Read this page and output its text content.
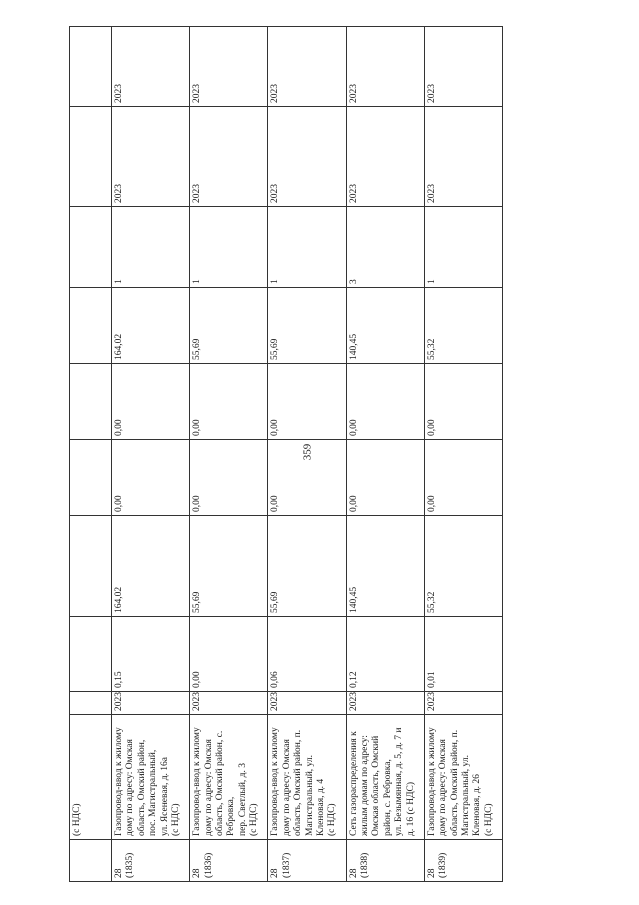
359
	(с НДС)									
28
(1835)	Газопровод-ввод к жилому дому по адресу: Омская область, Омский район,
пос. Магистральный,
ул. Ясеневая, д. 16а
(с НДС)	2023	0,15	164,02	0,00	0,00	164,02	1	2023	2023
28
(1836)	Газопровод-ввод к жилому дому по адресу: Омская область, Омский район, с. Ребровка,
пер. Светлый, д. 3
(с НДС)	2023	0,00	55,69	0,00	0,00	55,69	1	2023	2023
28
(1837)	Газопровод-ввод к жилому дому по адресу: Омская область, Омский район, п. Магистральный, ул. Кленовая, д. 4
(с НДС)	2023	0,06	55,69	0,00	0,00	55,69	1	2023	2023
28
(1838)	Сеть газораспределения к жилым домам по адресу: Омская область, Омский район, с. Ребровка,
ул. Безымянная, д. 5, д. 7 и д. 16 (с НДС)	2023	0,12	140,45	0,00	0,00	140,45	3	2023	2023
28
(1839)	Газопровод-ввод к жилому дому по адресу: Омская область, Омский район, п. Магистральный, ул. Кленовая, д. 26
(с НДС)	2023	0,01	55,32	0,00	0,00	55,32	1	2023	2023
